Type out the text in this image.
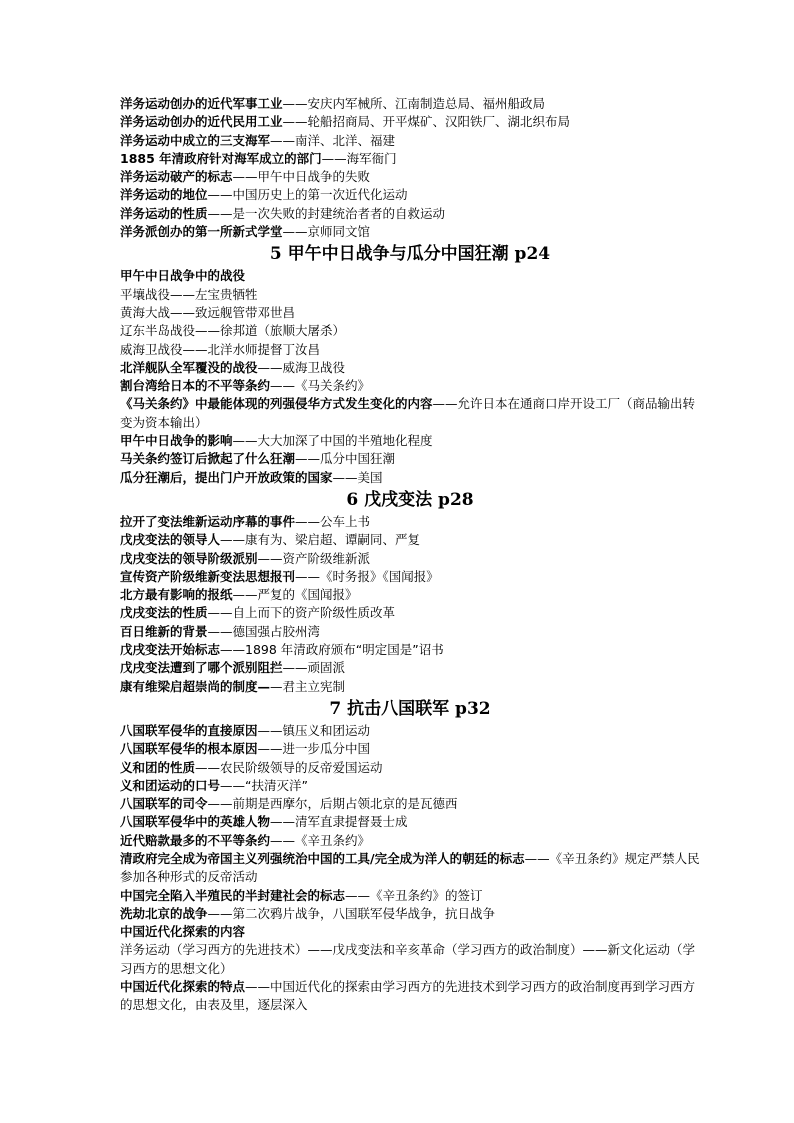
洋务运动创办的近代军事工业——安庆内军械所、江南制造总局、福州船政局
洋务运动创办的近代民用工业——轮船招商局、开平煤矿、汉阳铁厂、湖北织布局
洋务运动中成立的三支海军——南洋、北洋、福建
1885 年清政府针对海军成立的部门——海军衙门
洋务运动破产的标志——甲午中日战争的失败
洋务运动的地位——中国历史上的第一次近代化运动
洋务运动的性质——是一次失败的封建统治者者的自救运动
洋务派创办的第一所新式学堂——京师同文馆
5 甲午中日战争与瓜分中国狂潮 p24
甲午中日战争中的战役
平壤战役——左宝贵牺牲
黄海大战——致远舰管带邓世昌
辽东半岛战役——徐邦道（旅顺大屠杀）
威海卫战役——北洋水师提督丁汝昌
北洋舰队全军覆没的战役——威海卫战役
割台湾给日本的不平等条约——《马关条约》
《马关条约》中最能体现的列强侵华方式发生变化的内容——允许日本在通商口岸开设工厂（商品输出转变为资本输出）
甲午中日战争的影响——大大加深了中国的半殖地化程度
马关条约签订后掀起了什么狂潮——瓜分中国狂潮
瓜分狂潮后，提出门户开放政策的国家——美国
6 戊戌变法 p28
拉开了变法维新运动序幕的事件——公车上书
戊戌变法的领导人——康有为、梁启超、谭嗣同、严复
戊戌变法的领导阶级派别——资产阶级维新派
宣传资产阶级维新变法思想报刊——《时务报》《国闻报》
北方最有影响的报纸——严复的《国闻报》
戊戌变法的性质——自上而下的资产阶级性质改革
百日维新的背景——德国强占胶州湾
戊戌变法开始标志——1898 年清政府颁布“明定国是”诏书
戊戌变法遭到了哪个派别阻拦——顽固派
康有维梁启超崇尚的制度——君主立宪制
7 抗击八国联军 p32
八国联军侵华的直接原因——镇压义和团运动
八国联军侵华的根本原因——进一步瓜分中国
义和团的性质——农民阶级领导的反帝爱国运动
义和团运动的口号——“扶清灭洋”
八国联军的司令——前期是西摩尔，后期占领北京的是瓦德西
八国联军侵华中的英雄人物——清军直隶提督聂士成
近代赔款最多的不平等条约——《辛丑条约》
清政府完全成为帝国主义列强统治中国的工具/完全成为洋人的朝廷的标志——《辛丑条约》规定严禁人民参加各种形式的反帝活动
中国完全陷入半殖民的半封建社会的标志——《辛丑条约》的签订
洗劫北京的战争——第二次鸦片战争，八国联军侵华战争，抗日战争
中国近代化探索的内容
洋务运动（学习西方的先进技术）——戊戌变法和辛亥革命（学习西方的政治制度）——新文化运动（学习西方的思想文化）
中国近代化探索的特点——中国近代化的探索由学习西方的先进技术到学习西方的政治制度再到学习西方的思想文化，由表及里，逐层深入
